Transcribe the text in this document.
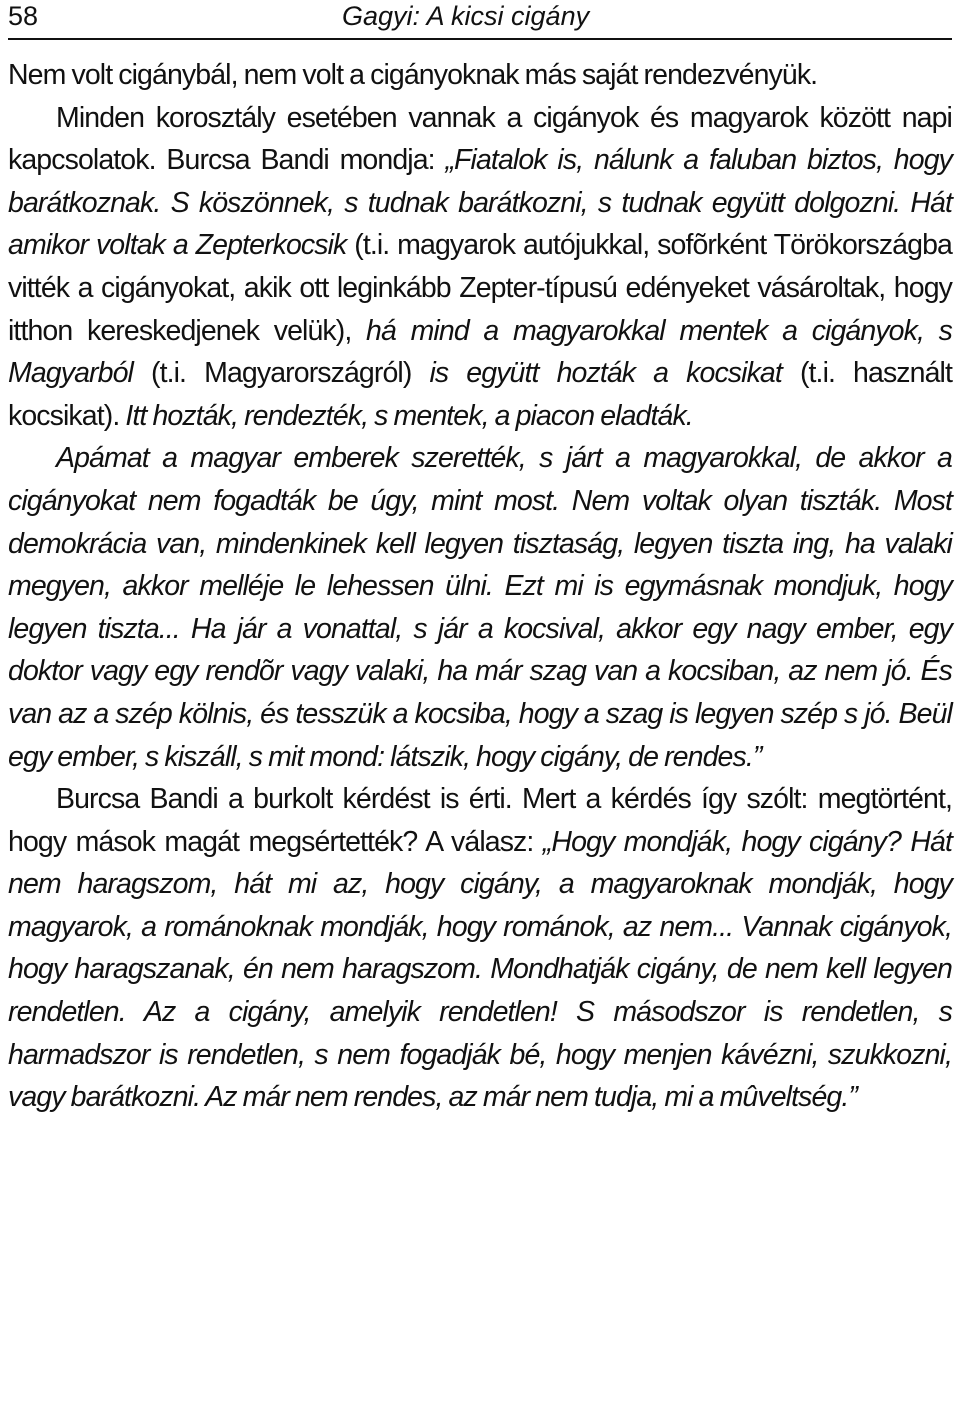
58	Gagyi: A kicsi cigány

Nem volt cigánybál, nem volt a cigányoknak más saját rendezvényük.

Minden korosztály esetében vannak a cigányok és magyarok között napi kapcsolatok. Burcsa Bandi mondja: „Fiatalok is, nálunk a faluban biztos, hogy barátkoznak. S köszönnek, s tudnak barátkozni, s tudnak együtt dolgozni. Hát amikor voltak a Zepterkocsik (t.i. magyarok autójukkal, sofõrként Törökországba vitték a cigányokat, akik ott leginkább Zepter-típusú edényeket vásároltak, hogy itthon kereskedjenek velük), há mind a magyarokkal mentek a cigányok, s Magyarból (t.i. Magyarországról) is együtt hozták a kocsikat (t.i. használt kocsikat). Itt hozták, rendezték, s mentek, a piacon eladták.

Apámat a magyar emberek szerették, s járt a magyarokkal, de akkor a cigányokat nem fogadták be úgy, mint most. Nem voltak olyan tiszták. Most demokrácia van, mindenkinek kell legyen tisztaság, legyen tiszta ing, ha valaki megyen, akkor melléje le lehessen ülni. Ezt mi is egymásnak mondjuk, hogy legyen tiszta... Ha jár a vonattal, s jár a kocsival, akkor egy nagy ember, egy doktor vagy egy rendõr vagy valaki, ha már szag van a kocsiban, az nem jó. És van az a szép kölnis, és tesszük a kocsiba, hogy a szag is legyen szép s jó. Beül egy ember, s kiszáll, s mit mond: látszik, hogy cigány, de rendes.”

Burcsa Bandi a burkolt kérdést is érti. Mert a kérdés így szólt: megtörtént, hogy mások magát megsértették? A válasz: „Hogy mondják, hogy cigány? Hát nem haragszom, hát mi az, hogy cigány, a magyaroknak mondják, hogy magyarok, a románoknak mondják, hogy románok, az nem... Vannak cigányok, hogy haragszanak, én nem haragszom. Mondhatják cigány, de nem kell legyen rendetlen. Az a cigány, amelyik rendetlen! S másodszor is rendetlen, s harmadszor is rendetlen, s nem fogadják bé, hogy menjen kávézni, szukkozni, vagy barátkozni. Az már nem rendes, az már nem tudja, mi a mûveltség.”
